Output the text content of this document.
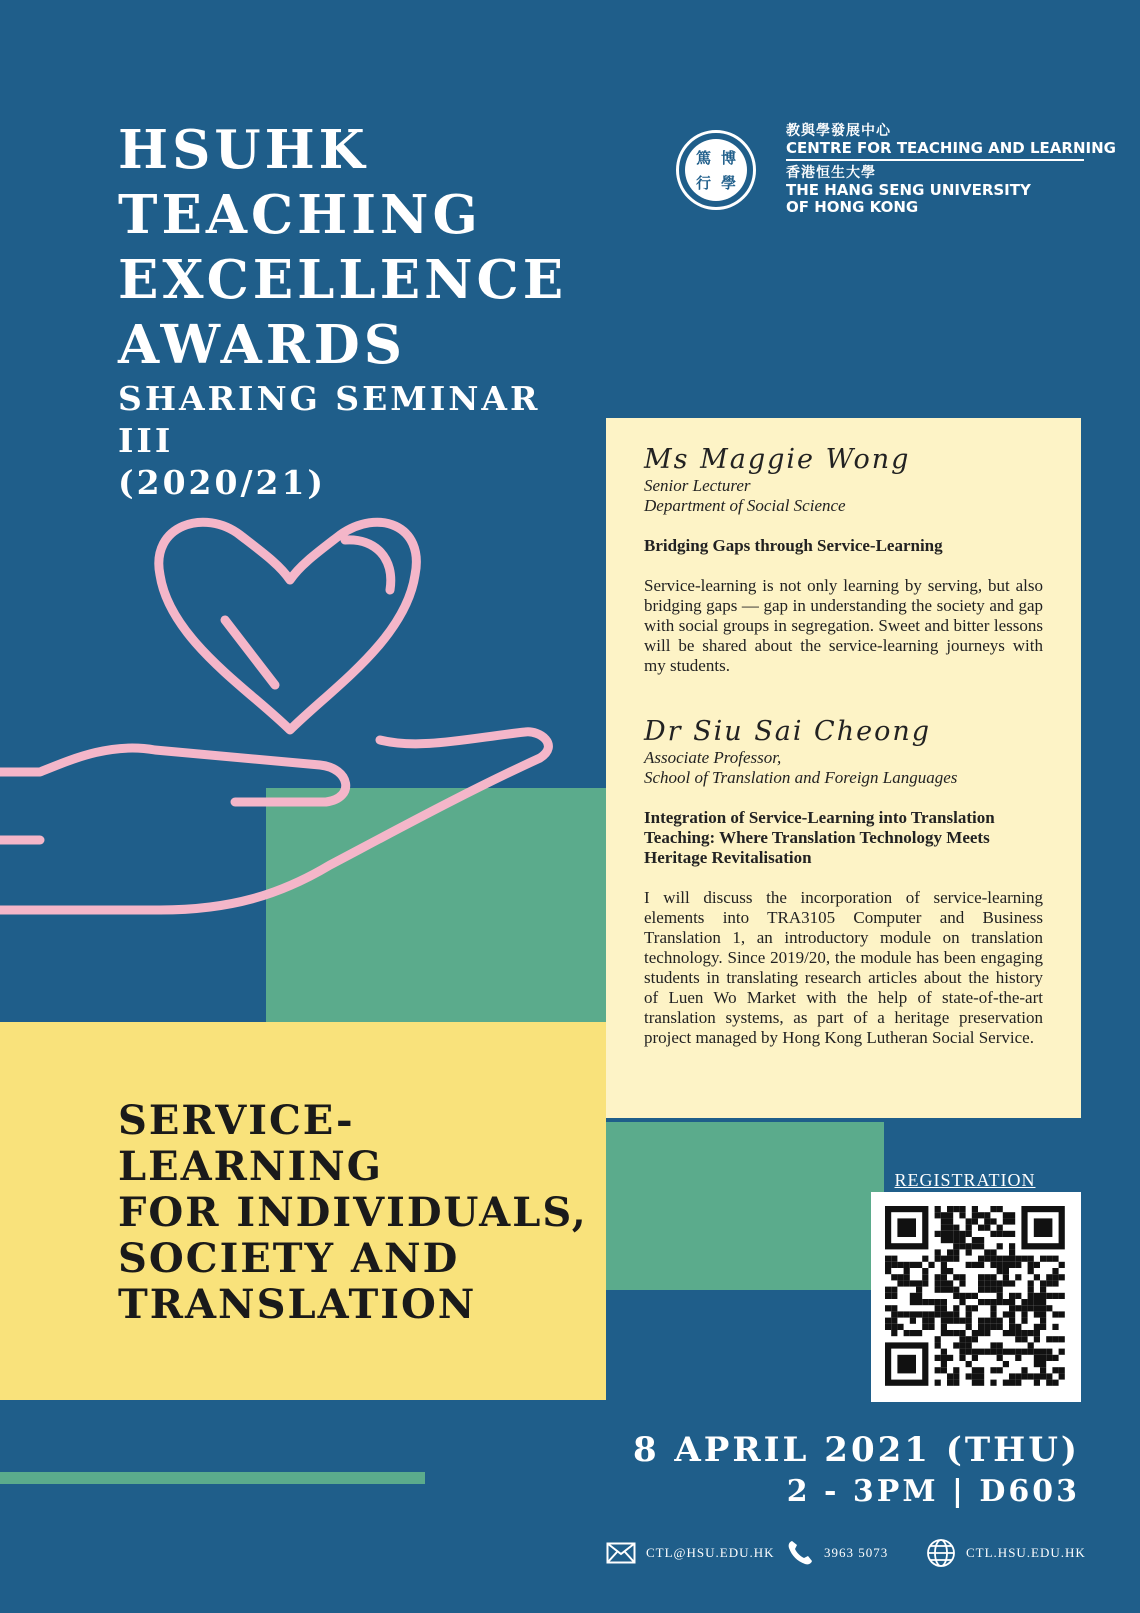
HSUHK
TEACHING
EXCELLENCE
AWARDS
SHARING SEMINAR III
(2020/21)
篤 博
行 學
教與學發展中心
CENTRE FOR TEACHING AND LEARNING
香港恒生大學
THE HANG SENG UNIVERSITY
OF HONG KONG
Ms Maggie Wong
Senior Lecturer
Department of Social Science
Bridging Gaps through Service-Learning
Service-learning is not only learning by serving, but also bridging gaps — gap in understanding the society and gap with social groups in segregation. Sweet and bitter lessons will be shared about the service-learning journeys with my students.
Dr Siu Sai Cheong
Associate Professor,
School of Translation and Foreign Languages
Integration of Service-Learning into Translation Teaching: Where Translation Technology Meets Heritage Revitalisation
I will discuss the incorporation of service-learning elements into TRA3105 Computer and Business Translation 1, an introductory module on translation technology. Since 2019/20, the module has been engaging students in translating research articles about the history of Luen Wo Market with the help of state-of-the-art translation systems, as part of a heritage preservation project managed by Hong Kong Lutheran Social Service.
SERVICE-
LEARNING
FOR INDIVIDUALS,
SOCIETY AND
TRANSLATION
REGISTRATION
8 APRIL 2021 (THU)
2 - 3PM | D603
CTL@HSU.EDU.HK	3963 5073	CTL.HSU.EDU.HK
